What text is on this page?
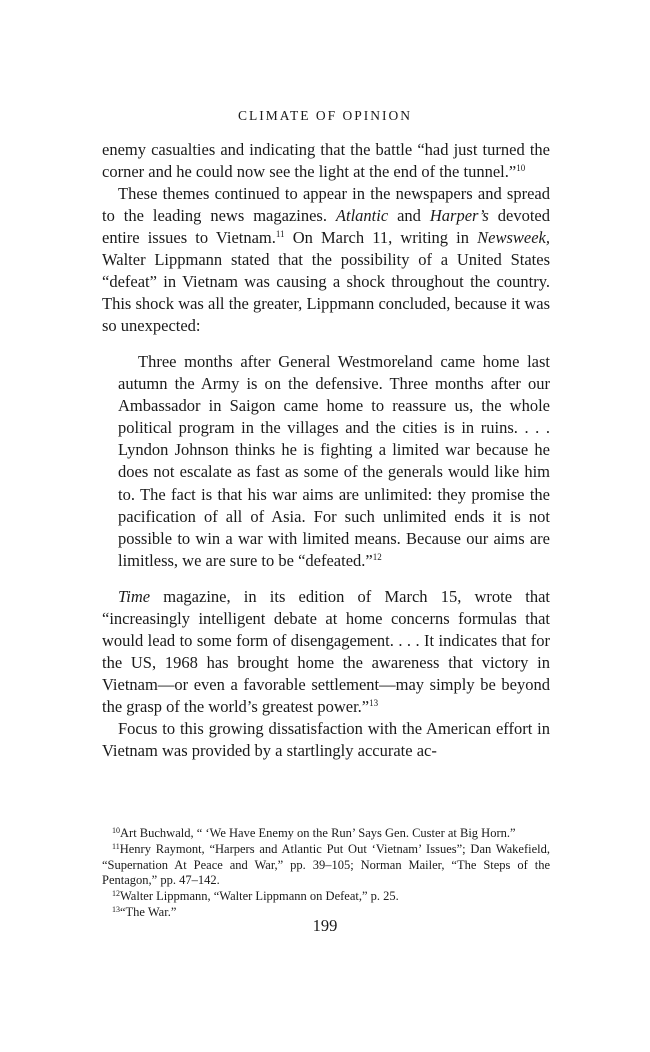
CLIMATE OF OPINION

enemy casualties and indicating that the battle “had just turned the corner and he could now see the light at the end of the tunnel.”$^{10}$

These themes continued to appear in the newspapers and spread to the leading news magazines. Atlantic and Harper’s devoted entire issues to Vietnam.$^{11}$ On March 11, writing in Newsweek, Walter Lippmann stated that the possibility of a United States “defeat” in Vietnam was causing a shock throughout the country. This shock was all the greater, Lippmann concluded, because it was so unexpected:

Three months after General Westmoreland came home last autumn the Army is on the defensive. Three months after our Ambassador in Saigon came home to reassure us, the whole political program in the villages and the cities is in ruins. . . . Lyndon Johnson thinks he is fighting a limited war because he does not escalate as fast as some of the generals would like him to. The fact is that his war aims are unlimited: they promise the pacification of all of Asia. For such unlimited ends it is not possible to win a war with limited means. Because our aims are limitless, we are sure to be “defeated.”$^{12}$

Time magazine, in its edition of March 15, wrote that “increasingly intelligent debate at home concerns formulas that would lead to some form of disengagement. . . . It indicates that for the US, 1968 has brought home the awareness that victory in Vietnam—or even a favorable settlement—may simply be beyond the grasp of the world’s greatest power.”$^{13}$

Focus to this growing dissatisfaction with the American effort in Vietnam was provided by a startlingly accurate ac-

$^{10}$Art Buchwald, “ ‘We Have Enemy on the Run’ Says Gen. Custer at Big Horn.”

$^{11}$Henry Raymont, “Harpers and Atlantic Put Out ‘Vietnam’ Issues”; Dan Wakefield, “Supernation At Peace and War,” pp. 39–105; Norman Mailer, “The Steps of the Pentagon,” pp. 47–142.

$^{12}$Walter Lippmann, “Walter Lippmann on Defeat,” p. 25.

$^{13}$“The War.”

199
